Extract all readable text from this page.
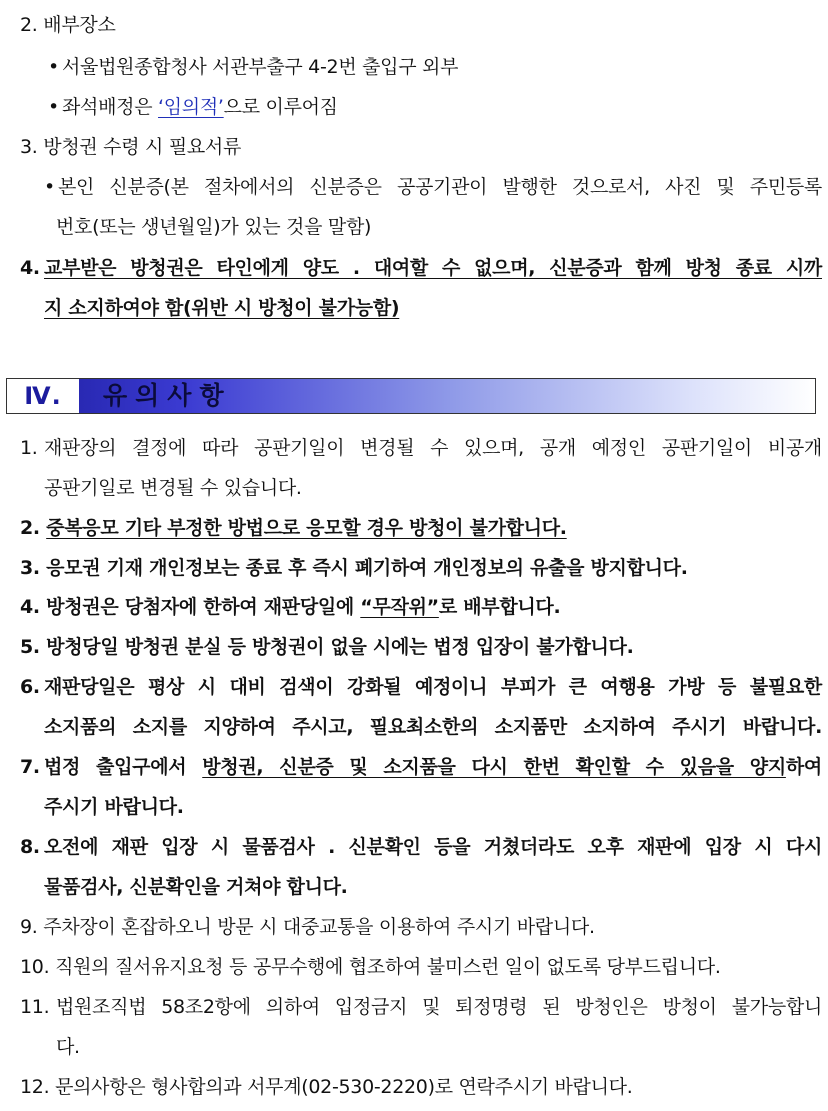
2. 배부장소
• 서울법원종합청사 서관부출구 4-2번 출입구 외부
• 좌석배정은 ‘임의적’으로 이루어짐
3. 방청권 수령 시 필요서류
• 본인 신분증(본 절차에서의 신분증은 공공기관이 발행한 것으로서, 사진 및 주민등록
번호(또는 생년월일)가 있는 것을 말함)
4. 교부받은 방청권은 타인에게 양도 . 대여할 수 없으며, 신분증과 함께 방청 종료 시까
지 소지하여야 함(위반 시 방청이 불가능함)
Ⅳ.	유의사항
1. 재판장의 결정에 따라 공판기일이 변경될 수 있으며, 공개 예정인 공판기일이 비공개
공판기일로 변경될 수 있습니다.
2. 중복응모 기타 부정한 방법으로 응모할 경우 방청이 불가합니다.
3. 응모권 기재 개인정보는 종료 후 즉시 폐기하여 개인정보의 유출을 방지합니다.
4. 방청권은 당첨자에 한하여 재판당일에 “무작위”로 배부합니다.
5. 방청당일 방청권 분실 등 방청권이 없을 시에는 법정 입장이 불가합니다.
6. 재판당일은 평상 시 대비 검색이 강화될 예정이니 부피가 큰 여행용 가방 등 불필요한
소지품의 소지를 지양하여 주시고, 필요최소한의 소지품만 소지하여 주시기 바랍니다.
7. 법정 출입구에서 방청권, 신분증 및 소지품을 다시 한번 확인할 수 있음을 양지하여
주시기 바랍니다.
8. 오전에 재판 입장 시 물품검사 . 신분확인 등을 거쳤더라도 오후 재판에 입장 시 다시
물품검사, 신분확인을 거쳐야 합니다.
9. 주차장이 혼잡하오니 방문 시 대중교통을 이용하여 주시기 바랍니다.
10. 직원의 질서유지요청 등 공무수행에 협조하여 불미스런 일이 없도록 당부드립니다.
11. 법원조직법 58조2항에 의하여 입정금지 및 퇴정명령 된 방청인은 방청이 불가능합니
다.
12. 문의사항은 형사합의과 서무계(02-530-2220)로 연락주시기 바랍니다.
